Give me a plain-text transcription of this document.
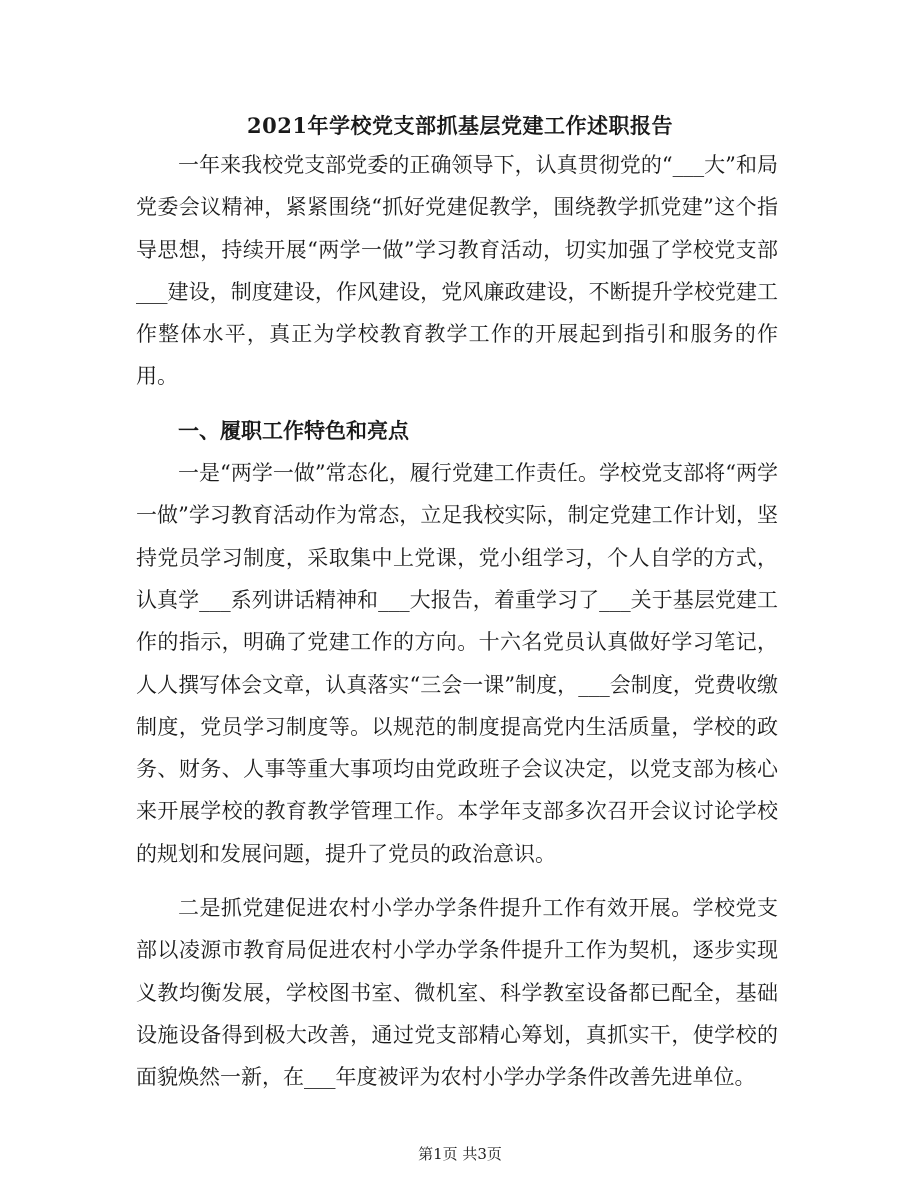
2021年学校党支部抓基层党建工作述职报告

一年来我校党支部党委的正确领导下，认真贯彻党的“___大”和局党委会议精神，紧紧围绕“抓好党建促教学，围绕教学抓党建”这个指导思想，持续开展“两学一做”学习教育活动，切实加强了学校党支部___建设，制度建设，作风建设，党风廉政建设，不断提升学校党建工作整体水平，真正为学校教育教学工作的开展起到指引和服务的作用。

一、履职工作特色和亮点

一是“两学一做”常态化，履行党建工作责任。学校党支部将“两学一做”学习教育活动作为常态，立足我校实际，制定党建工作计划，坚持党员学习制度，采取集中上党课，党小组学习，个人自学的方式，认真学___系列讲话精神和___大报告，着重学习了___关于基层党建工作的指示，明确了党建工作的方向。十六名党员认真做好学习笔记，人人撰写体会文章，认真落实“三会一课”制度，___会制度，党费收缴制度，党员学习制度等。以规范的制度提高党内生活质量，学校的政务、财务、人事等重大事项均由党政班子会议决定，以党支部为核心来开展学校的教育教学管理工作。本学年支部多次召开会议讨论学校的规划和发展问题，提升了党员的政治意识。

二是抓党建促进农村小学办学条件提升工作有效开展。学校党支部以凌源市教育局促进农村小学办学条件提升工作为契机，逐步实现义教均衡发展，学校图书室、微机室、科学教室设备都已配全，基础设施设备得到极大改善，通过党支部精心筹划，真抓实干，使学校的面貌焕然一新，在___年度被评为农村小学办学条件改善先进单位。

第1页 共3页
